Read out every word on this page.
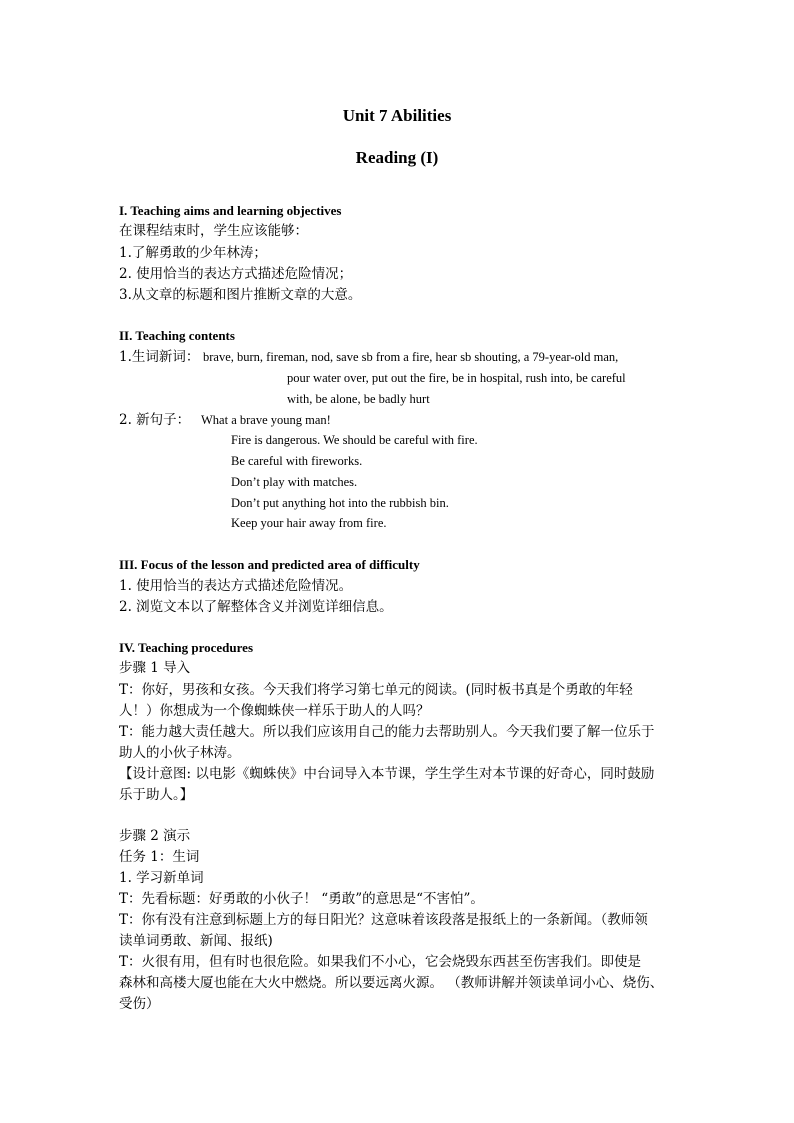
Unit 7 Abilities
Reading (I)
I. Teaching aims and learning objectives
在课程结束时，学生应该能够：
1.了解勇敢的少年林涛；
2. 使用恰当的表达方式描述危险情况；
3.从文章的标题和图片推断文章的大意。
II. Teaching contents
1.生词新词： brave, burn, fireman, nod, save sb from a fire, hear sb shouting, a 79-year-old man,
pour water over, put out the fire, be in hospital, rush into, be careful
with, be alone, be badly hurt
2. 新句子： What a brave young man!
Fire is dangerous. We should be careful with fire.
Be careful with fireworks.
Don’t play with matches.
Don’t put anything hot into the rubbish bin.
Keep your hair away from fire.
III. Focus of the lesson and predicted area of difficulty
1. 使用恰当的表达方式描述危险情况。
2. 浏览文本以了解整体含义并浏览详细信息。
IV. Teaching procedures
步骤 1 导入
T：你好，男孩和女孩。今天我们将学习第七单元的阅读。(同时板书真是个勇敢的年轻
人！）你想成为一个像蜘蛛侠一样乐于助人的人吗？
T：能力越大责任越大。所以我们应该用自己的能力去帮助别人。今天我们要了解一位乐于
助人的小伙子林涛。
【设计意图: 以电影《蜘蛛侠》中台词导入本节课，学生学生对本节课的好奇心，同时鼓励
乐于助人。】
步骤 2 演示
任务 1：生词
1. 学习新单词
T：先看标题：好勇敢的小伙子！ “勇敢”的意思是“不害怕”。
T：你有没有注意到标题上方的每日阳光？这意味着该段落是报纸上的一条新闻。（教师领
读单词勇敢、新闻、报纸)
T：火很有用，但有时也很危险。如果我们不小心，它会烧毁东西甚至伤害我们。即使是
森林和高楼大厦也能在大火中燃烧。所以要远离火源。 （教师讲解并领读单词小心、烧伤、
受伤）
